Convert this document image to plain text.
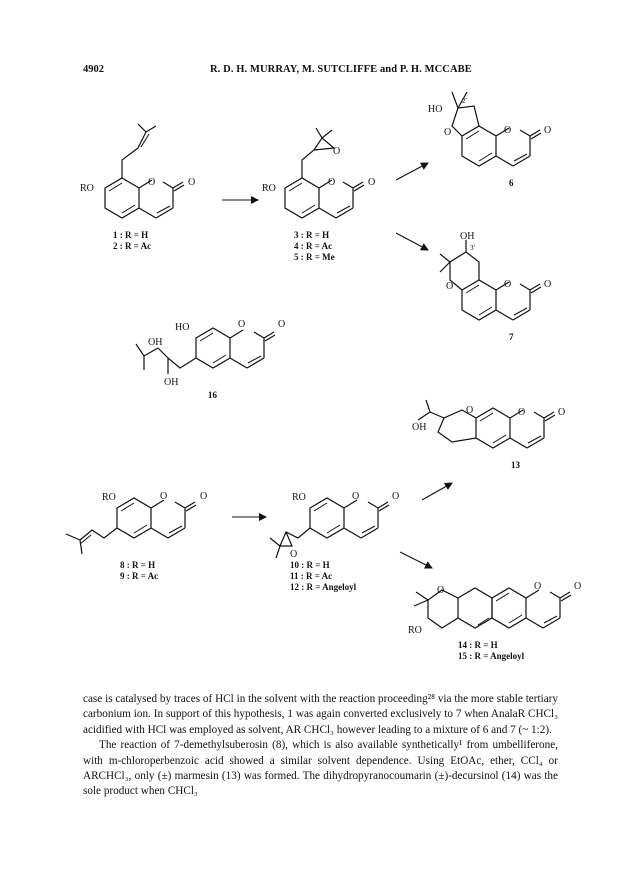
4902	R. D. H. MURRAY, M. SUTCLIFFE and P. H. MCCABE
O	O
RO
1 : R = H
2 : R = Ac
O	O
RO
O
3 : R = H
4 : R = Ac
5 : R = Me
O	O
O
HO
2′
6
O	O
O
OH
3′
7
O	O
HO
OH
OH
16
O	O
O
OH
13
O	O
RO
8 : R = H
9 : R = Ac
O	O
RO
O
10 : R = H
11 : R = Ac
12 : R = Angeloyl	O	O
O
RO
14 : R = H
15 : R = Angeloyl

case is catalysed by traces of HCl in the solvent with the reaction proceeding²⁸ via the more stable tertiary carbonium ion. In support of this hypothesis, 1 was again converted exclusively to 7 when AnalaR CHCl₃ acidified with HCl was employed as solvent, AR CHCl₃ however leading to a mixture of 6 and 7 (~ 1:2).

The reaction of 7-demethylsuberosin (8), which is also available synthetically¹ from umbelliferone, with m-chloroperbenzoic acid showed a similar solvent dependence. Using EtOAc, ether, CCl₄ or ARCHCl₃, only (±) marmesin (13) was formed. The dihydropyranocoumarin (±)-decursinol (14) was the sole product when CHCl₃
